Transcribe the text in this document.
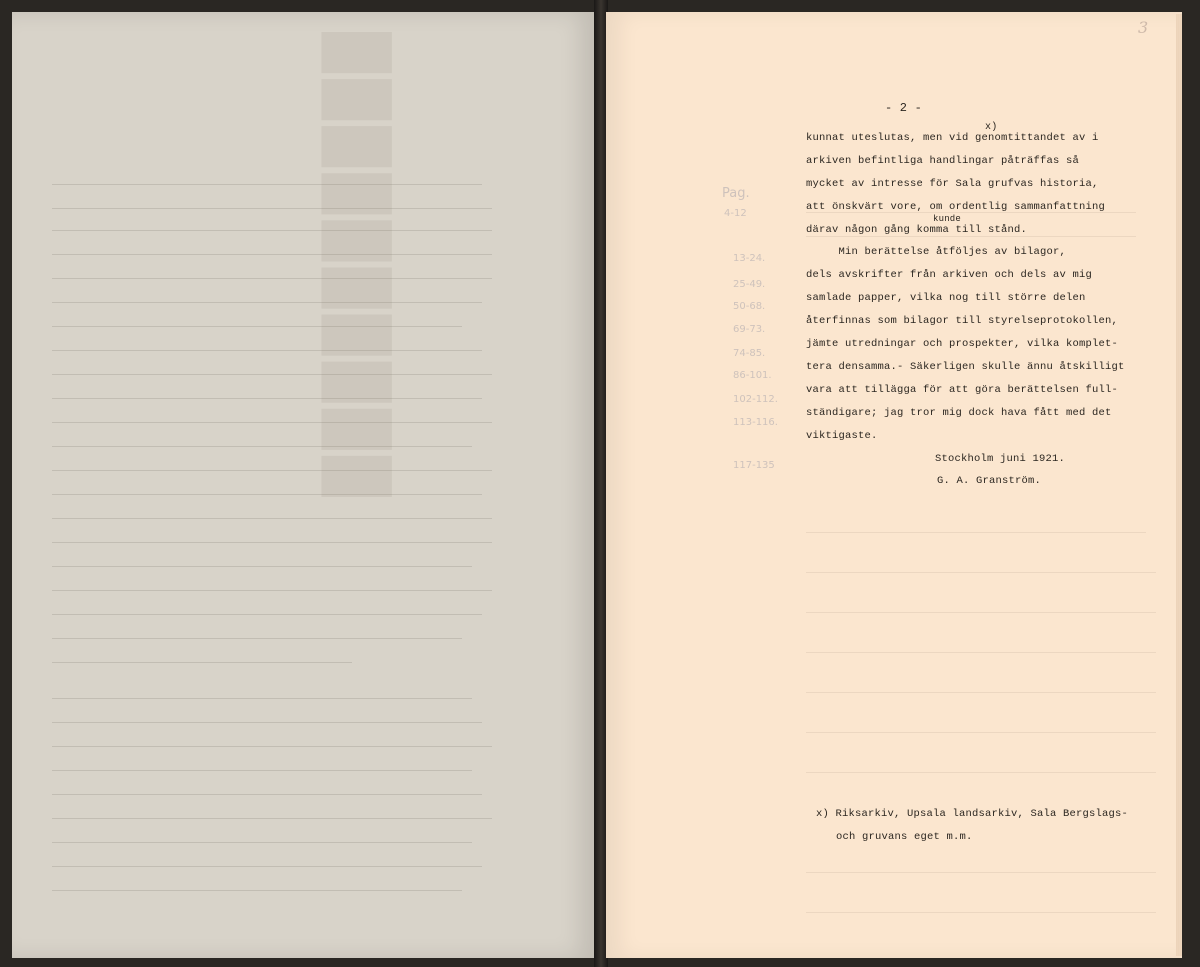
██████████
3
Pag.
4-12
13-24.
25-49.
50-68.
69-73.
74-85.
86-101.
102-112.
113-116.
117-135
- 2 -
x)
kunde
kunnat uteslutas, men vid genomtittandet av i
arkiven befintliga handlingar påträffas så
mycket av intresse för Sala grufvas historia,
att önskvärt vore, om ordentlig sammanfattning
därav någon gång komma till stånd.
Min berättelse åtföljes av bilagor,
dels avskrifter från arkiven och dels av mig
samlade papper, vilka nog till större delen
återfinnas som bilagor till styrelseprotokollen,
jämte utredningar och prospekter, vilka komplet-
tera densamma.- Säkerligen skulle ännu åtskilligt
vara att tillägga för att göra berättelsen full-
ständigare; jag tror mig dock hava fått med det
viktigaste.
Stockholm juni 1921.
G. A. Granström.
x) Riksarkiv, Upsala landsarkiv, Sala Bergslags-
och gruvans eget m.m.
